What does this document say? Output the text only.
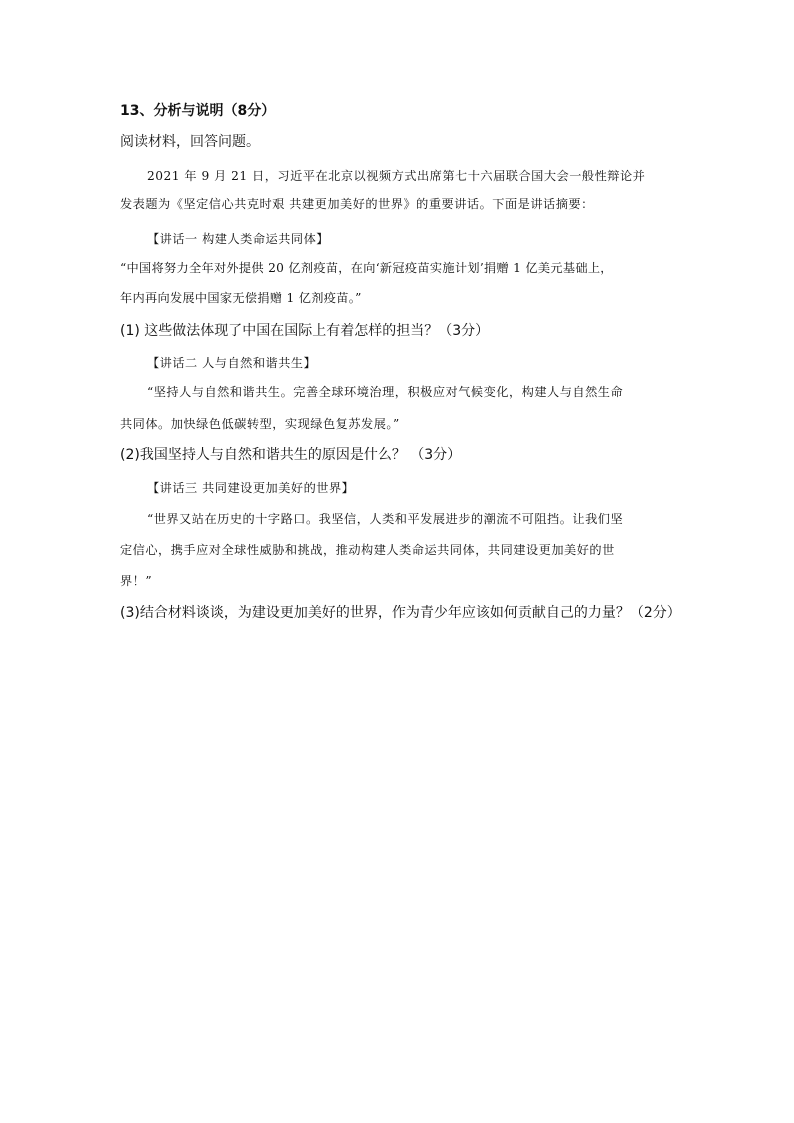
13、分析与说明（8分）
阅读材料，回答问题。
2021 年 9 月 21 日，习近平在北京以视频方式出席第七十六届联合国大会一般性辩论并
发表题为《坚定信心共克时艰 共建更加美好的世界》的重要讲话。下面是讲话摘要：
【讲话一 构建人类命运共同体】
“中国将努力全年对外提供 20 亿剂疫苗，在向‘新冠疫苗实施计划’捐赠 1 亿美元基础上，
年内再向发展中国家无偿捐赠 1 亿剂疫苗。”
(1) 这些做法体现了中国在国际上有着怎样的担当？（3分）
【讲话二 人与自然和谐共生】
“坚持人与自然和谐共生。完善全球环境治理，积极应对气候变化，构建人与自然生命
共同体。加快绿色低碳转型，实现绿色复苏发展。”
(2)我国坚持人与自然和谐共生的原因是什么？ （3分）
【讲话三 共同建设更加美好的世界】
“世界又站在历史的十字路口。我坚信，人类和平发展进步的潮流不可阻挡。让我们坚
定信心，携手应对全球性威胁和挑战，推动构建人类命运共同体，共同建设更加美好的世
界！”
(3)结合材料谈谈，为建设更加美好的世界，作为青少年应该如何贡献自己的力量？（2分）
